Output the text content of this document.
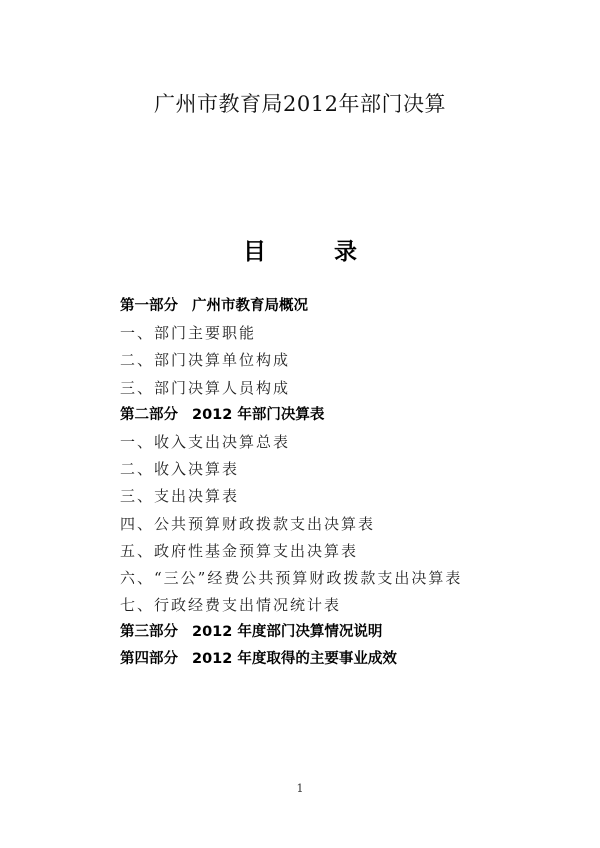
广州市教育局2012年部门决算
目 录
第一部分 广州市教育局概况
一、部门主要职能
二、部门决算单位构成
三、部门决算人员构成
第二部分 2012 年部门决算表
一、收入支出决算总表
二、收入决算表
三、支出决算表
四、公共预算财政拨款支出决算表
五、政府性基金预算支出决算表
六、“三公”经费公共预算财政拨款支出决算表
七、行政经费支出情况统计表
第三部分 2012 年度部门决算情况说明
第四部分 2012 年度取得的主要事业成效
1
